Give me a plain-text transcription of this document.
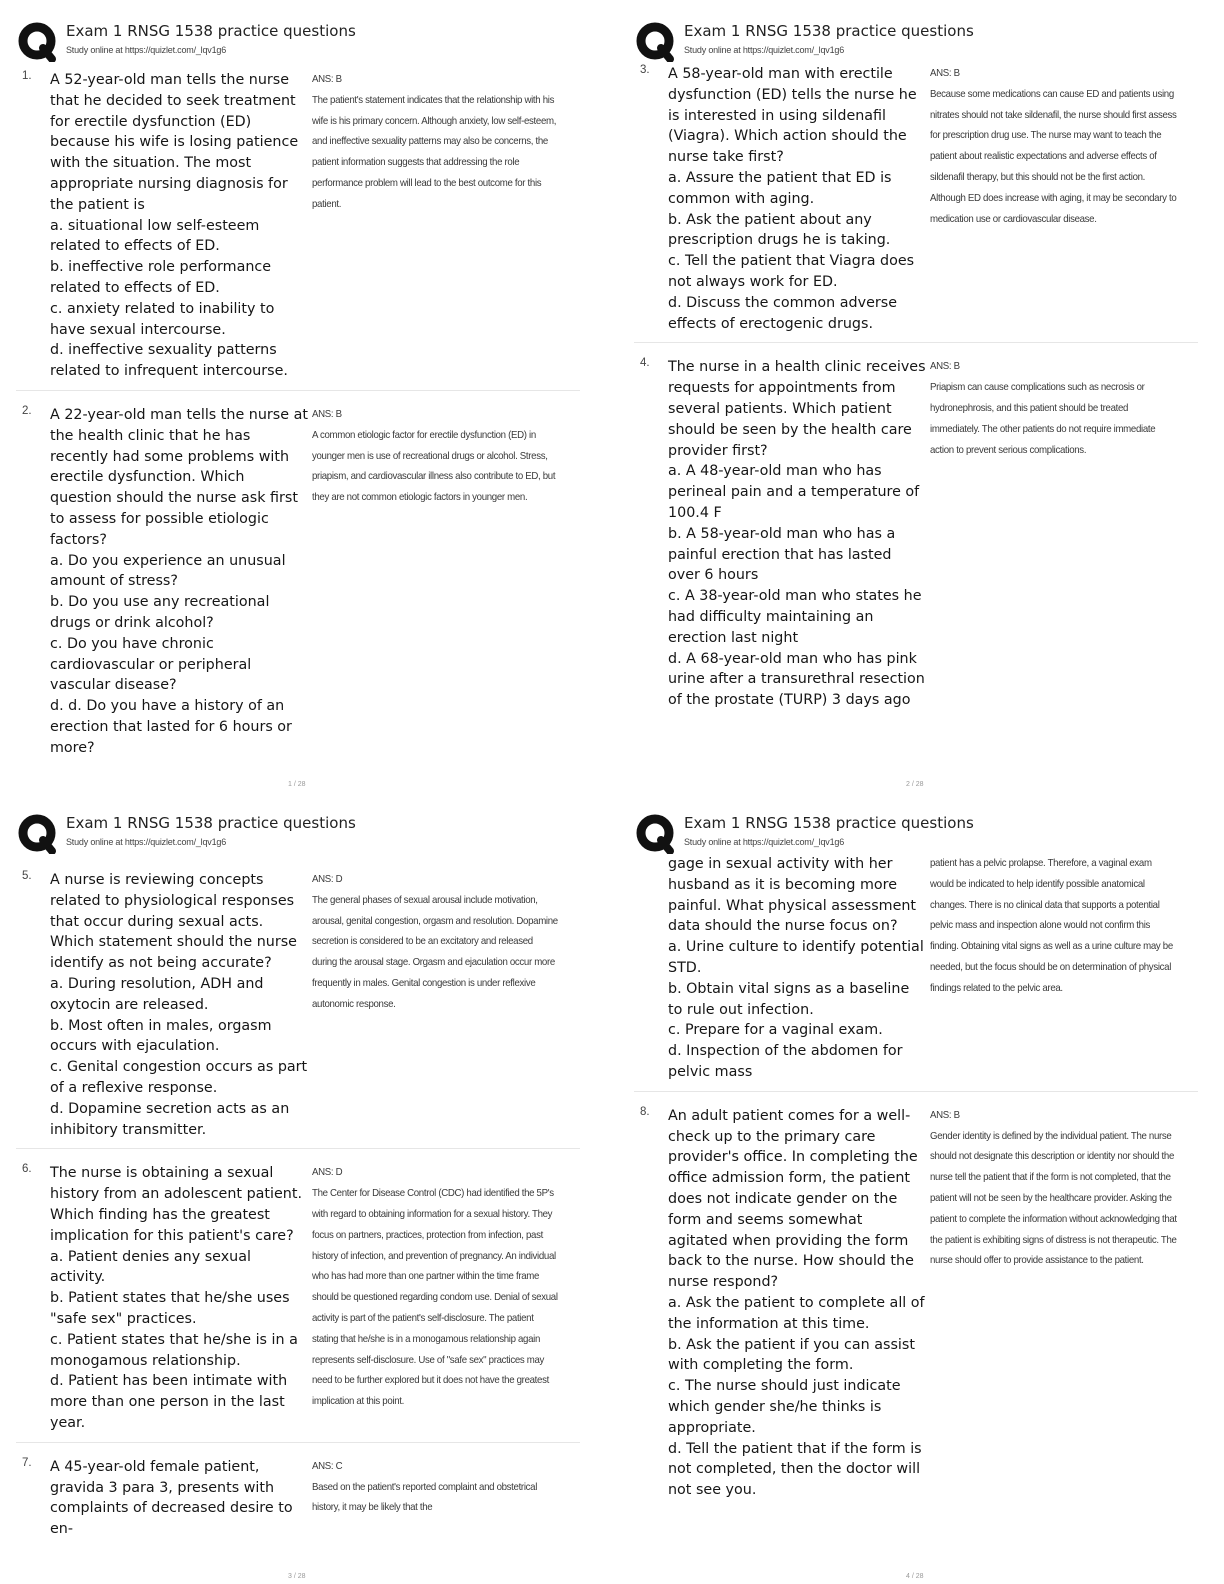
Exam 1 RNSG 1538 practice questions
Study online at https://quizlet.com/_lqv1g6
1. A 52-year-old man tells the nurse that he decided to seek treatment for erectile dysfunction (ED) because his wife is losing patience with the situation. The most appropriate nursing diagnosis for the patient is
a. situational low self-esteem related to effects of ED.
b. ineffective role performance related to effects of ED.
c. anxiety related to inability to have sexual intercourse.
d. ineffective sexuality patterns related to infrequent intercourse.
ANS: B
The patient's statement indicates that the relationship with his wife is his primary concern. Although anxiety, low self-esteem, and ineffective sexuality patterns may also be concerns, the patient information suggests that addressing the role performance problem will lead to the best outcome for this patient.
2. A 22-year-old man tells the nurse at the health clinic that he has recently had some problems with erectile dysfunction. Which question should the nurse ask first to assess for possible etiologic factors?
a. Do you experience an unusual amount of stress?
b. Do you use any recreational drugs or drink alcohol?
c. Do you have chronic cardiovascular or peripheral vascular disease?
d. d. Do you have a history of an erection that lasted for 6 hours or more?
ANS: B
A common etiologic factor for erectile dysfunction (ED) in younger men is use of recreational drugs or alcohol. Stress, priapism, and cardiovascular illness also contribute to ED, but they are not common etiologic factors in younger men.
1 / 28
Exam 1 RNSG 1538 practice questions
Study online at https://quizlet.com/_lqv1g6
3. A 58-year-old man with erectile dysfunction (ED) tells the nurse he is interested in using sildenafil (Viagra). Which action should the nurse take first?
a. Assure the patient that ED is common with aging.
b. Ask the patient about any prescription drugs he is taking.
c. Tell the patient that Viagra does not always work for ED.
d. Discuss the common adverse effects of erectogenic drugs.
ANS: B
Because some medications can cause ED and patients using nitrates should not take sildenafil, the nurse should first assess for prescription drug use. The nurse may want to teach the patient about realistic expectations and adverse effects of sildenafil therapy, but this should not be the first action. Although ED does increase with aging, it may be secondary to medication use or cardiovascular disease.
4. The nurse in a health clinic receives requests for appointments from several patients. Which patient should be seen by the health care provider first?
a. A 48-year-old man who has perineal pain and a temperature of 100.4 F
b. A 58-year-old man who has a painful erection that has lasted over 6 hours
c. A 38-year-old man who states he had difficulty maintaining an erection last night
d. A 68-year-old man who has pink urine after a transurethral resection of the prostate (TURP) 3 days ago
ANS: B
Priapism can cause complications such as necrosis or hydronephrosis, and this patient should be treated immediately. The other patients do not require immediate action to prevent serious complications.
2 / 28
Exam 1 RNSG 1538 practice questions
Study online at https://quizlet.com/_lqv1g6
5. A nurse is reviewing concepts related to physiological responses that occur during sexual acts. Which statement should the nurse identify as not being accurate?
a. During resolution, ADH and oxytocin are released.
b. Most often in males, orgasm occurs with ejaculation.
c. Genital congestion occurs as part of a reflexive response.
d. Dopamine secretion acts as an inhibitory transmitter.
ANS: D
The general phases of sexual arousal include motivation, arousal, genital congestion, orgasm and resolution. Dopamine secretion is considered to be an excitatory and released during the arousal stage. Orgasm and ejaculation occur more frequently in males. Genital congestion is under reflexive autonomic response.
6. The nurse is obtaining a sexual history from an adolescent patient. Which finding has the greatest implication for this patient's care?
a. Patient denies any sexual activity.
b. Patient states that he/she uses "safe sex" practices.
c. Patient states that he/she is in a monogamous relationship.
d. Patient has been intimate with more than one person in the last year.
ANS: D
The Center for Disease Control (CDC) had identified the 5P's with regard to obtaining information for a sexual history. They focus on partners, practices, protection from infection, past history of infection, and prevention of pregnancy. An individual who has had more than one partner within the time frame should be questioned regarding condom use. Denial of sexual activity is part of the patient's self-disclosure. The patient stating that he/she is in a monogamous relationship again represents self-disclosure. Use of "safe sex" practices may need to be further explored but it does not have the greatest implication at this point.
7. A 45-year-old female patient, gravida 3 para 3, presents with complaints of decreased desire to en-
ANS: C
Based on the patient's reported complaint and obstetrical history, it may be likely that the
3 / 28
Exam 1 RNSG 1538 practice questions
Study online at https://quizlet.com/_lqv1g6
gage in sexual activity with her husband as it is becoming more painful. What physical assessment data should the nurse focus on?
a. Urine culture to identify potential STD.
b. Obtain vital signs as a baseline to rule out infection.
c. Prepare for a vaginal exam.
d. Inspection of the abdomen for pelvic mass
patient has a pelvic prolapse. Therefore, a vaginal exam would be indicated to help identify possible anatomical changes. There is no clinical data that supports a potential pelvic mass and inspection alone would not confirm this finding. Obtaining vital signs as well as a urine culture may be needed, but the focus should be on determination of physical findings related to the pelvic area.
8. An adult patient comes for a well-check up to the primary care provider's office. In completing the office admission form, the patient does not indicate gender on the form and seems somewhat agitated when providing the form back to the nurse. How should the nurse respond?
a. Ask the patient to complete all of the information at this time.
b. Ask the patient if you can assist with completing the form.
c. The nurse should just indicate which gender she/he thinks is appropriate.
d. Tell the patient that if the form is not completed, then the doctor will not see you.
ANS: B
Gender identity is defined by the individual patient. The nurse should not designate this description or identity nor should the nurse tell the patient that if the form is not completed, that the patient will not be seen by the healthcare provider. Asking the patient to complete the information without acknowledging that the patient is exhibiting signs of distress is not therapeutic. The nurse should offer to provide assistance to the patient.
4 / 28
